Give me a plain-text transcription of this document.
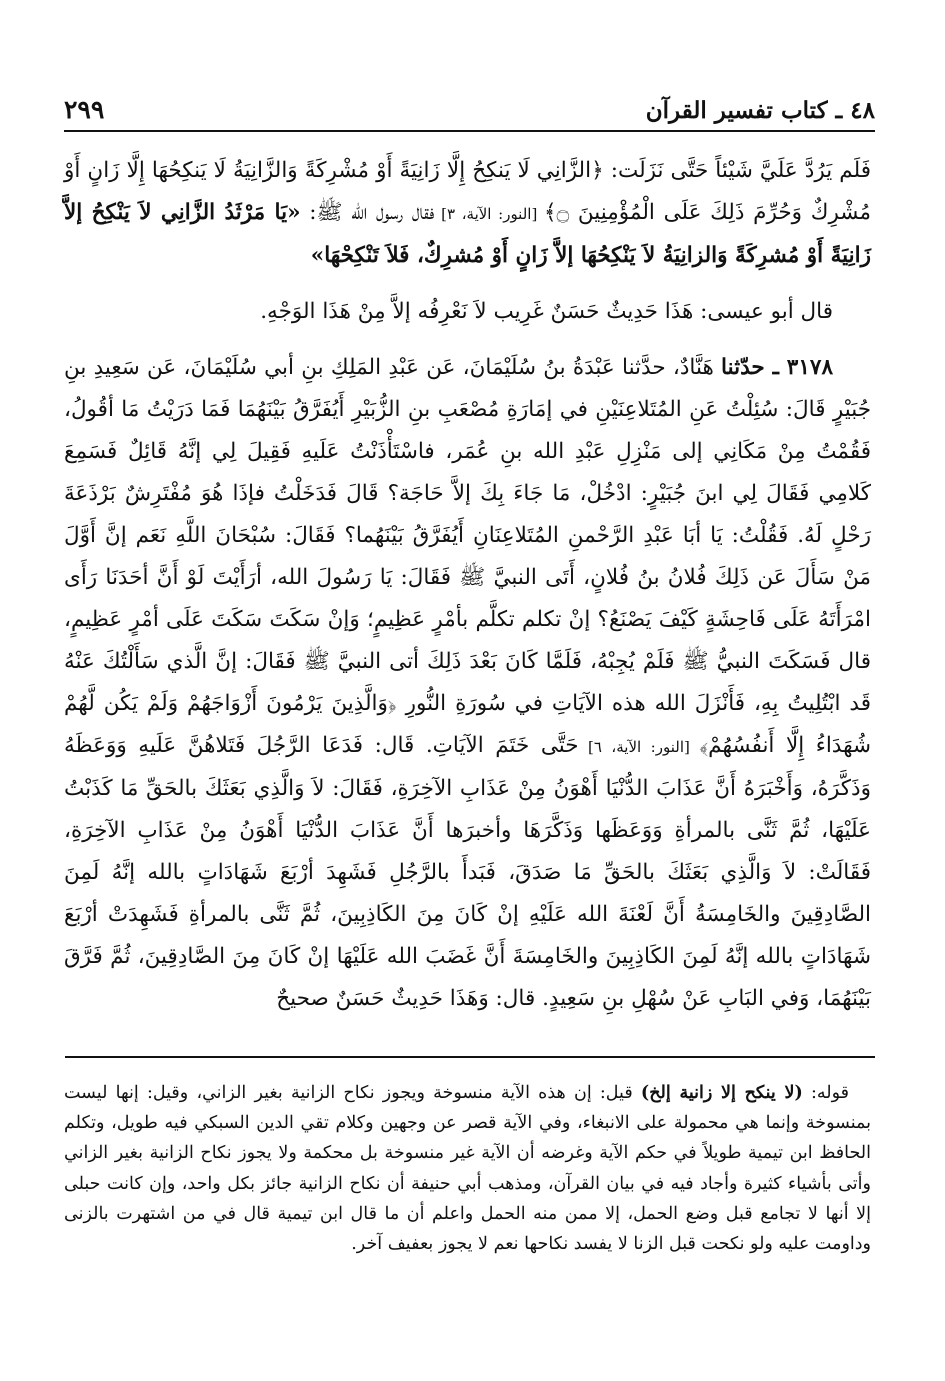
٤٨ ـ كتاب تفسير القرآن
٢٩٩

فَلَم يَرُدَّ عَلَيَّ شَيْئاً حَتَّى نَزَلَت: ﴿الزَّانِي لَا يَنكِحُ إِلَّا زَانِيَةً أَوْ مُشْرِكَةً وَالزَّانِيَةُ لَا يَنكِحُهَا إِلَّا زَانٍ أَوْ مُشْرِكٌ وَحُرِّمَ ذَلِكَ عَلَى الْمُؤْمِنِينَ ۝﴾ [النور: الآية، ٣] فقال رسول الله ﷺ: «يَا مَرْثَدُ الزَّانِي لاَ يَنْكِحُ إلاَّ زَانِيَةً أَوْ مُشرِكَةً وَالزانِيَةُ لاَ يَنْكِحُهَا إلاَّ زَانٍ أَوْ مُشرِكٌ، فَلاَ تَنْكِحْهَا»

قال أبو عيسى: هَذَا حَدِيثٌ حَسَنٌ غَرِيب لاَ نَعْرِفُه إلاَّ مِنْ هَذَا الوَجْهِ.

٣١٧٨ ـ حدّثنا هَنَّادٌ، حدَّثنا عَبْدَةُ بنُ سُلَيْمَانَ، عَن عَبْدِ المَلِكِ بنِ أبي سُلَيْمَانَ، عَن سَعِيدِ بنِ جُبَيْرٍ قَالَ: سُئِلْتُ عَنِ المُتَلاعِنَيْنِ في إمَارَةِ مُصْعَبِ بنِ الزُّبَيْرِ أَيُفَرَّقُ بَيْنَهُمَا فَمَا دَرَيْتُ مَا أقُولُ، فَقُمْتُ مِنْ مَكَانِي إلى مَنْزِلِ عَبْدِ الله بنِ عُمَر، فاسْتَأْذَنْتُ عَلَيهِ فَقِيلَ لِي إنَّهُ قَائِلٌ فَسَمِعَ كَلامِي فَقَالَ لِي ابنَ جُبَيْرٍ: ادْخُلْ، مَا جَاءَ بِكَ إلاَّ حَاجَة؟ قَالَ فَدَخَلْتُ فإذَا هُوَ مُفْتَرِشٌ بَرْذَعَةَ رَحْلٍ لَهُ. فَقُلْتُ: يَا أبَا عَبْدِ الرَّحْمنِ المُتَلاعِنَانِ أَيُفَرَّقُ بَيْنَهُما؟ فَقَالَ: سُبْحَانَ اللَّهِ نَعَم إنَّ أَوَّلَ مَنْ سَأَلَ عَن ذَلِكَ فُلانُ بنُ فُلانٍ، أَتَى النبيَّ ﷺ فَقَالَ: يَا رَسُولَ الله، أرَأَيْتَ لَوْ أَنَّ أحَدَنَا رَأَى امْرَأَتَهُ عَلَى فَاحِشَةٍ كَيْفَ يَصْنَعُ؟ إنْ تكلم تكلَّم بأمْرٍ عَظِيمٍ؛ وَإنْ سَكَتَ سَكَتَ عَلَى أمْرٍ عَظِيمٍ، قال فَسَكَتَ النبيُّ ﷺ فَلَمْ يُجِبْهُ، فَلَمَّا كَانَ بَعْدَ ذَلِكَ أتى النبيَّ ﷺ فَقَالَ: إنَّ الَّذي سَأَلْتُكَ عَنْهُ قَد ابْتُلِيتُ بِهِ، فَأَنْزَلَ الله هذه الآيَاتِ في سُورَةِ النُّورِ ﴿وَالَّذِينَ يَرْمُونَ أَزْوَاجَهُمْ وَلَمْ يَكُن لَّهُمْ شُهَدَاءُ إِلَّا أَنفُسُهُمْ﴾ [النور: الآية، ٦] حَتَّى خَتَمَ الآيَاتِ. قَال: فَدَعَا الرَّجُلَ فَتَلاهُنَّ عَلَيهِ وَوَعَظَهُ وَذَكَّرَهُ، وَأَخْبَرَهُ أَنَّ عَذَابَ الدُّنْيَا أَهْوَنُ مِنْ عَذَابِ الآخِرَةِ، فَقَالَ: لاَ وَالَّذِي بَعَثَكَ بالحَقِّ مَا كَذَبْتُ عَلَيْهَا، ثُمَّ ثَنَّى بالمرأةِ وَوَعَظَها وَذَكَّرَهَا وأخبرَها أَنَّ عَذَابَ الدُّنْيَا أَهْوَنُ مِنْ عَذَابِ الآخِرَةِ، فَقَالَتْ: لاَ وَالَّذِي بَعَثَكَ بالحَقِّ مَا صَدَقَ، فَبَدأَ بالرَّجُلِ فَشَهِدَ أرْبَعَ شَهَادَاتٍ بالله إنَّهُ لَمِنَ الصَّادِقِينَ والخَامِسَةُ أَنَّ لَعْنَةَ الله عَلَيْهِ إنْ كَانَ مِنَ الكَاذِبِينَ، ثُمَّ ثَنَّى بالمرأةِ فَشَهِدَتْ أرْبَعَ شَهَادَاتٍ بالله إنَّهُ لَمِنَ الكَاذِبِينَ والخَامِسَةَ أَنَّ غَضَبَ الله عَلَيْهَا إنْ كَانَ مِنَ الصَّادِقِينَ، ثُمَّ فَرَّقَ بَيْنَهُمَا، وَفي البَابِ عَنْ سُهْلِ بنِ سَعِيدٍ. قال: وَهَذَا حَدِيثٌ حَسَنٌ صحيحٌ

قوله: (لا ينكح إلا زانية إلخ) قيل: إن هذه الآية منسوخة ويجوز نكاح الزانية بغير الزاني، وقيل: إنها ليست بمنسوخة وإنما هي محمولة على الانبغاء، وفي الآية قصر عن وجهين وكلام تقي الدين السبكي فيه طويل، وتكلم الحافظ ابن تيمية طويلاً في حكم الآية وغرضه أن الآية غير منسوخة بل محكمة ولا يجوز نكاح الزانية بغير الزاني وأتى بأشياء كثيرة وأجاد فيه في بيان القرآن، ومذهب أبي حنيفة أن نكاح الزانية جائز بكل واحد، وإن كانت حبلى إلا أنها لا تجامع قبل وضع الحمل، إلا ممن منه الحمل واعلم أن ما قال ابن تيمية قال في من اشتهرت بالزنى وداومت عليه ولو نكحت قبل الزنا لا يفسد نكاحها نعم لا يجوز بعفيف آخر.
